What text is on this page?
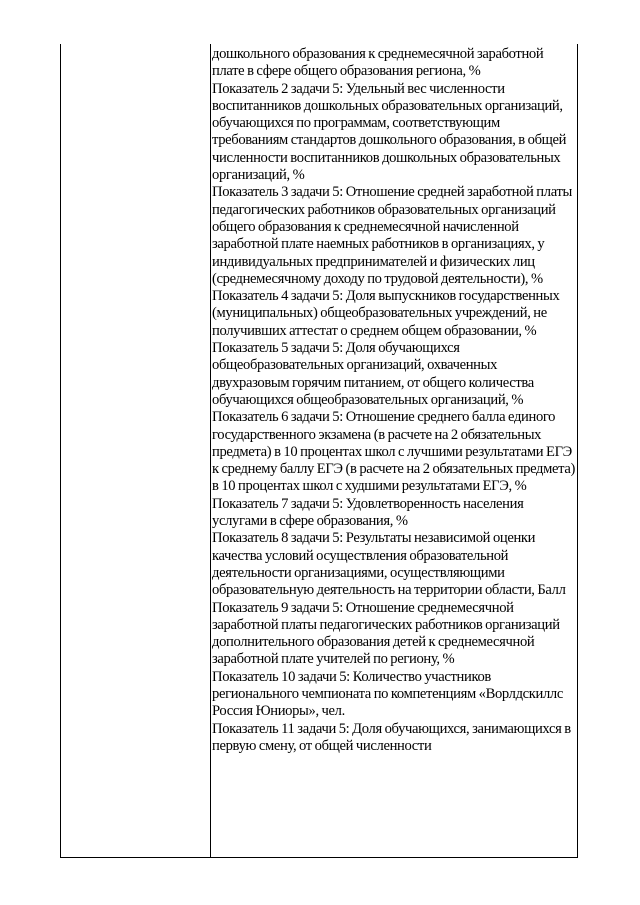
дошкольного образования к среднемесячной заработной плате в сфере общего образования региона, %

Показатель 2 задачи 5: Удельный вес численности воспитанников дошкольных образовательных организаций, обучающихся по программам, соответствующим требованиям стандартов дошкольного образования, в общей численности воспитанников дошкольных образовательных организаций, %

Показатель 3 задачи 5: Отношение средней заработной платы педагогических работников образовательных организаций общего образования к среднемесячной начисленной заработной плате наемных работников в организациях, у индивидуальных предпринимателей и физических лиц (среднемесячному доходу по трудовой деятельности), %

Показатель 4 задачи 5: Доля выпускников государственных (муниципальных) общеобразовательных учреждений, не получивших аттестат о среднем общем образовании, %

Показатель 5 задачи 5: Доля обучающихся общеобразовательных организаций, охваченных двухразовым горячим питанием, от общего количества обучающихся общеобразовательных организаций, %

Показатель 6 задачи 5: Отношение среднего балла единого государственного экзамена (в расчете на 2 обязательных предмета) в 10 процентах школ с лучшими результатами ЕГЭ к среднему баллу ЕГЭ (в расчете на 2 обязательных предмета) в 10 процентах школ с худшими результатами ЕГЭ, %

Показатель 7 задачи 5: Удовлетворенность населения услугами в сфере образования, %

Показатель 8 задачи 5: Результаты независимой оценки качества условий осуществления образовательной деятельности организациями, осуществляющими образовательную деятельность на территории области, Балл

Показатель 9 задачи 5: Отношение среднемесячной заработной платы педагогических работников организаций дополнительного образования детей к среднемесячной заработной плате учителей по региону, %

Показатель 10 задачи 5: Количество участников регионального чемпионата по компетенциям «Ворлдскиллс Россия Юниоры», чел.

Показатель 11 задачи 5: Доля обучающихся, занимающихся в первую смену, от общей численности
